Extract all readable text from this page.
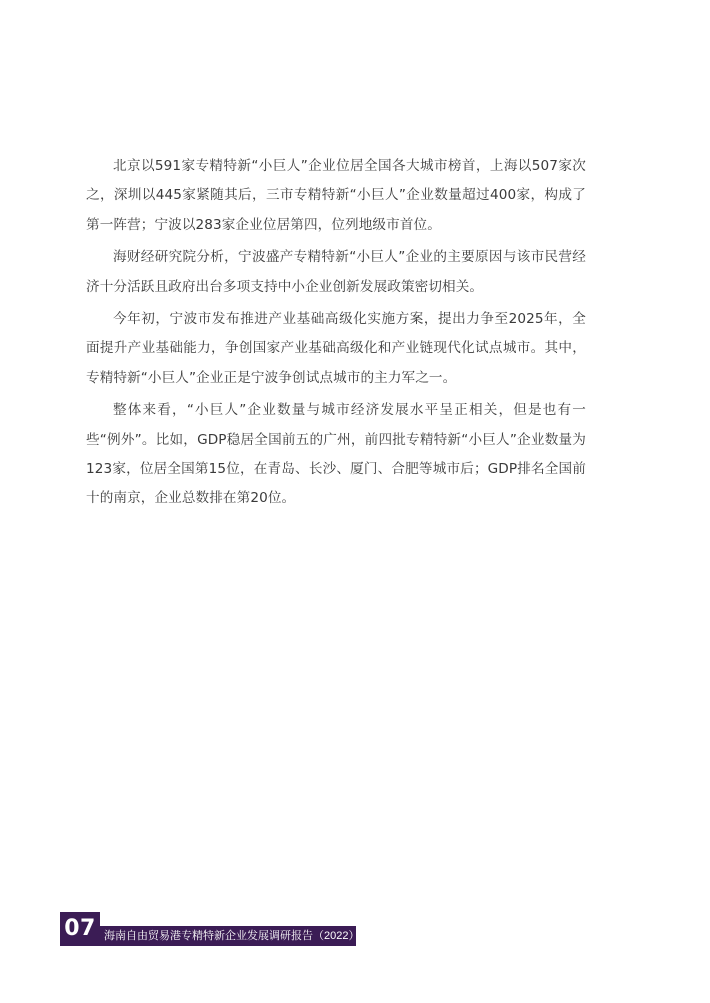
北京以591家专精特新“小巨人”企业位居全国各大城市榜首，上海以507家次之，深圳以445家紧随其后，三市专精特新“小巨人”企业数量超过400家，构成了第一阵营；宁波以283家企业位居第四，位列地级市首位。

海财经研究院分析，宁波盛产专精特新“小巨人”企业的主要原因与该市民营经济十分活跃且政府出台多项支持中小企业创新发展政策密切相关。

今年初，宁波市发布推进产业基础高级化实施方案，提出力争至2025年，全面提升产业基础能力，争创国家产业基础高级化和产业链现代化试点城市。其中，专精特新“小巨人”企业正是宁波争创试点城市的主力军之一。

整体来看，“小巨人”企业数量与城市经济发展水平呈正相关，但是也有一些“例外”。比如，GDP稳居全国前五的广州，前四批专精特新“小巨人”企业数量为123家，位居全国第15位，在青岛、长沙、厦门、合肥等城市后；GDP排名全国前十的南京，企业总数排在第20位。

07 海南自由贸易港专精特新企业发展调研报告（2022）
